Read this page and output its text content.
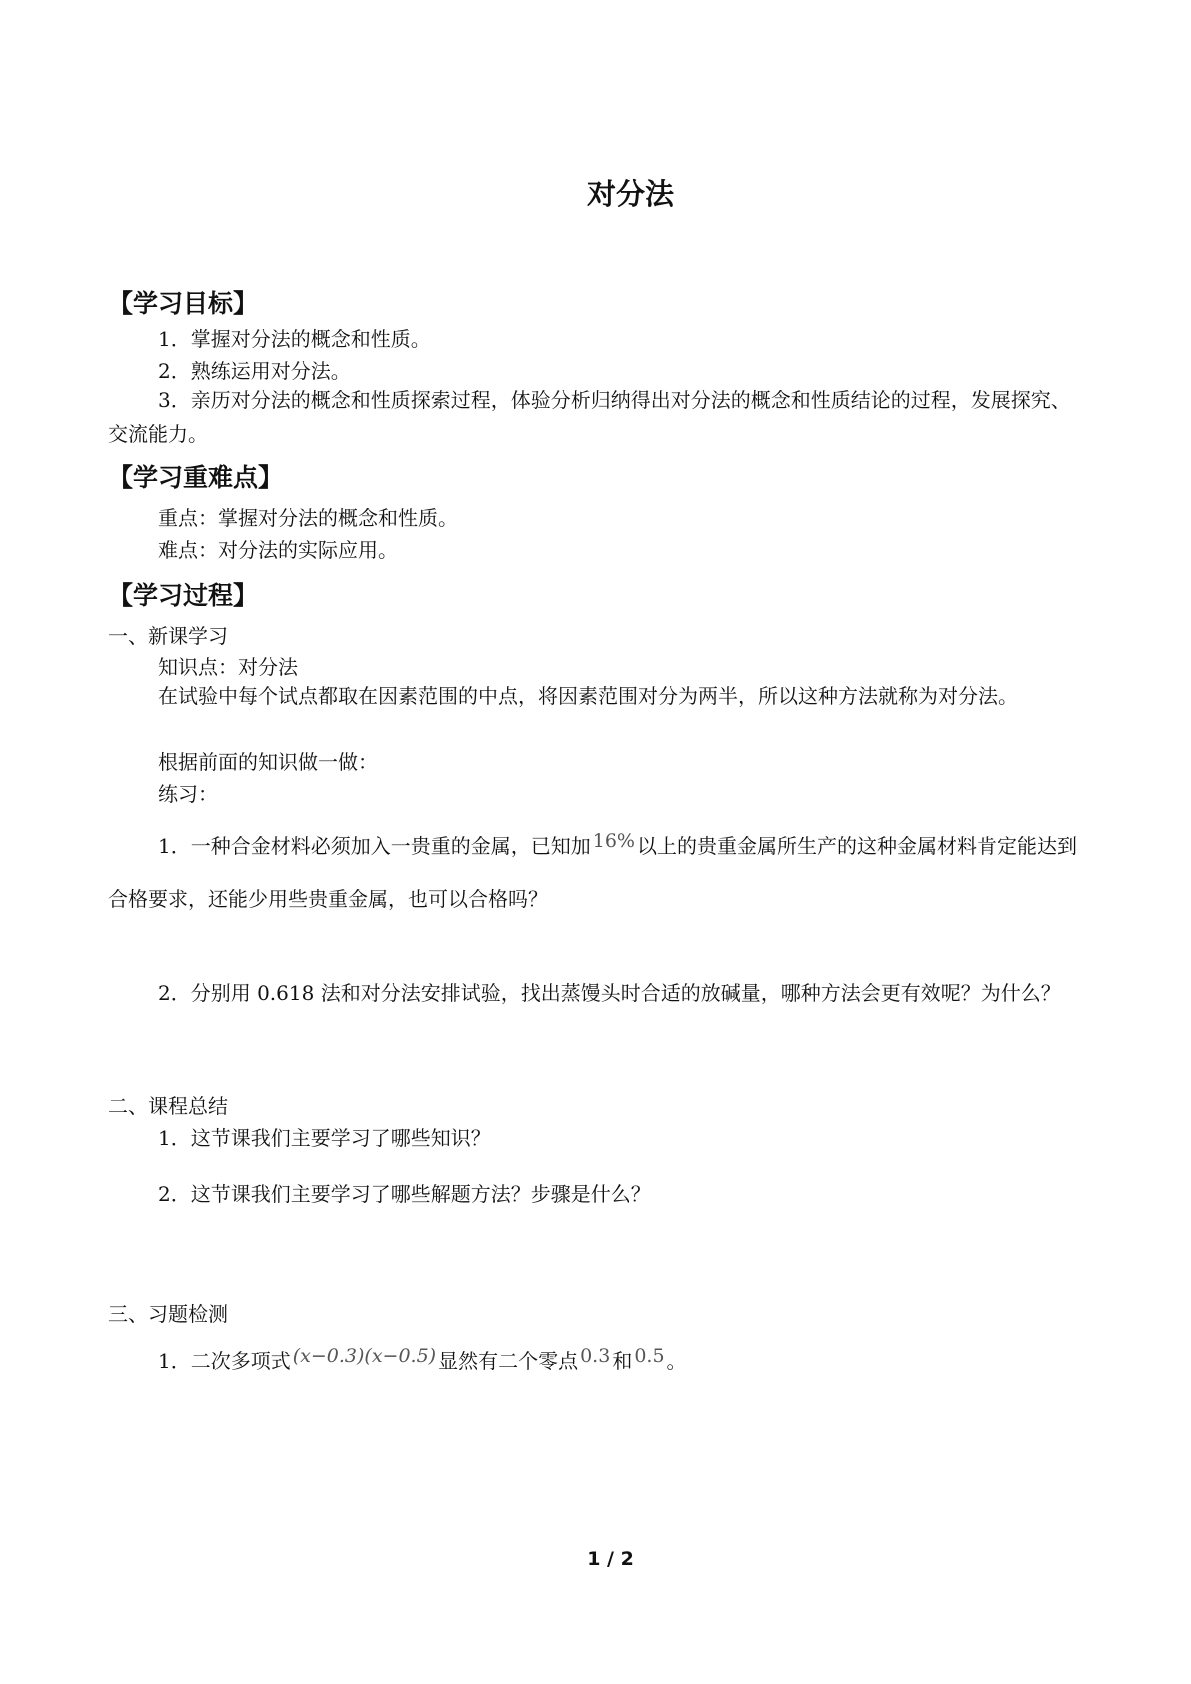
对分法
【学习目标】
1．掌握对分法的概念和性质。
2．熟练运用对分法。
3．亲历对分法的概念和性质探索过程，体验分析归纳得出对分法的概念和性质结论的过程，发展探究、交流能力。
【学习重难点】
重点：掌握对分法的概念和性质。
难点：对分法的实际应用。
【学习过程】
一、新课学习
知识点：对分法
在试验中每个试点都取在因素范围的中点，将因素范围对分为两半，所以这种方法就称为对分法。
根据前面的知识做一做：
练习：
1．一种合金材料必须加入一贵重的金属，已知加 16% 以上的贵重金属所生产的这种金属材料肯定能达到合格要求，还能少用些贵重金属，也可以合格吗？
2．分别用 0.618 法和对分法安排试验，找出蒸馒头时合适的放碱量，哪种方法会更有效呢？为什么？
二、课程总结
1．这节课我们主要学习了哪些知识？
2．这节课我们主要学习了哪些解题方法？步骤是什么？
三、习题检测
1．二次多项式 (x−0.3)(x−0.5) 显然有二个零点 0.3 和 0.5 。
1 / 2
